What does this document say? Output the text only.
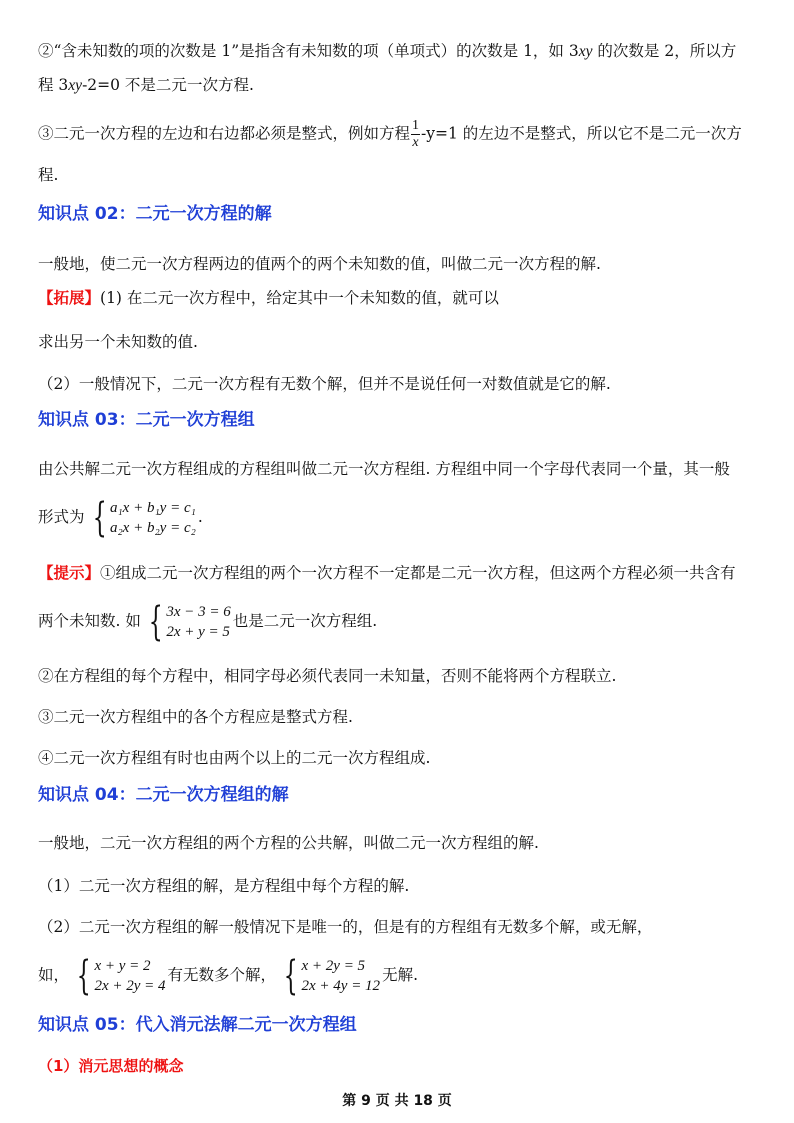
②“含未知数的项的次数是 1”是指含有未知数的项（单项式）的次数是 1，如 3xy 的次数是 2，所以方
程 3xy-2=0 不是二元一次方程.
③二元一次方程的左边和右边都必须是整式，例如方程 $\frac{1}{x} -y=1$ 的左边不是整式，所以它不是二元一次方
程.
知识点 02：二元一次方程的解
一般地，使二元一次方程两边的值两个的两个未知数的值，叫做二元一次方程的解.
【拓展】(1) 在二元一次方程中，给定其中一个未知数的值，就可以
求出另一个未知数的值.
（2）一般情况下，二元一次方程有无数个解，但并不是说任何一对数值就是它的解.
知识点 03：二元一次方程组
由公共解二元一次方程组成的方程组叫做二元一次方程组. 方程组中同一个字母代表同一个量，其一般
形式为 { a₁x + b₁y = c₁
a₂x + b₂y = c₂
.
【提示】①组成二元一次方程组的两个一次方程不一定都是二元一次方程，但这两个方程必须一共含有
两个未知数. 如 { 3x − 3 = 6
2x + y = 5
也是二元一次方程组.
②在方程组的每个方程中，相同字母必须代表同一未知量，否则不能将两个方程联立.
③二元一次方程组中的各个方程应是整式方程.
④二元一次方程组有时也由两个以上的二元一次方程组成.
知识点 04：二元一次方程组的解
一般地，二元一次方程组的两个方程的公共解，叫做二元一次方程组的解.
（1）二元一次方程组的解，是方程组中每个方程的解.
（2）二元一次方程组的解一般情况下是唯一的，但是有的方程组有无数多个解，或无解，
如， { x + y = 2
2x + 2y = 4
有无数多个解， { x + 2y = 5
2x + 4y = 12
无解.
知识点 05：代入消元法解二元一次方程组
（1）消元思想的概念
第 9 页 共 18 页
